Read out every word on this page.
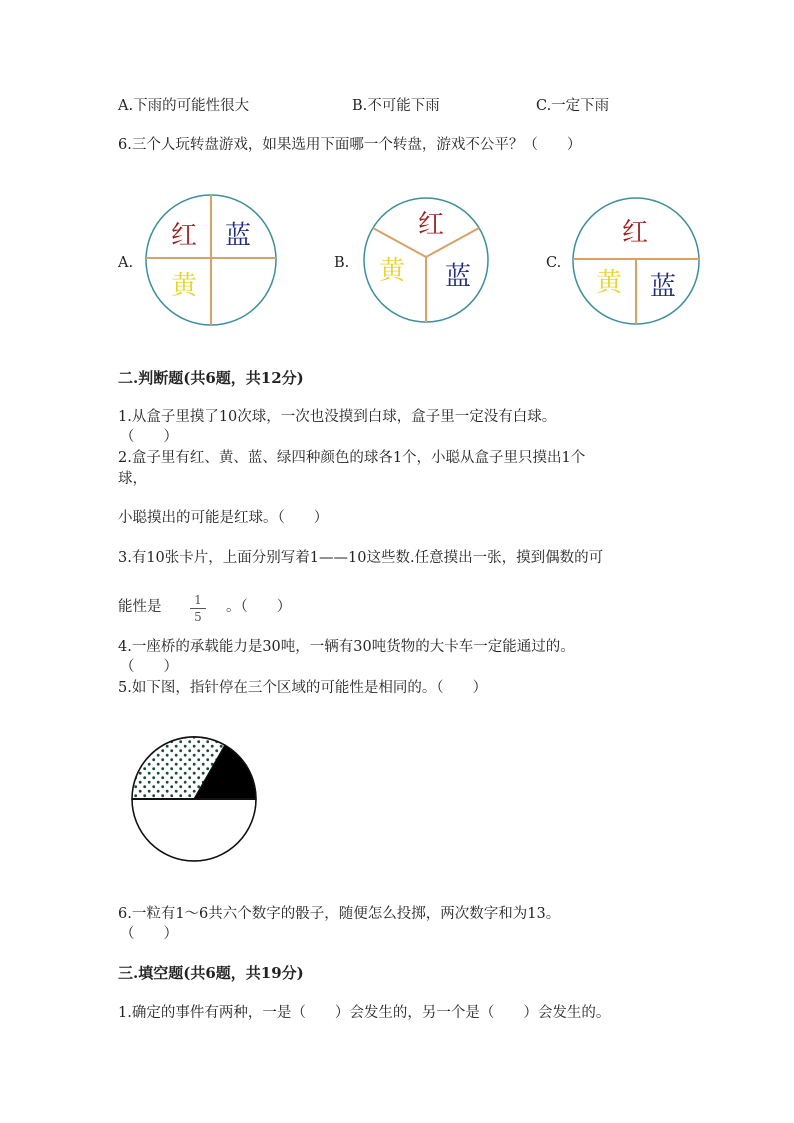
A.下雨的可能性很大	B.不可能下雨	C.一定下雨
6.三个人玩转盘游戏，如果选用下面哪一个转盘，游戏不公平？（　　）
A.	B.	C.
红 蓝
黄
红
黄 蓝
红
黄 蓝
二.判断题(共6题，共12分)
1.从盒子里摸了10次球，一次也没摸到白球，盒子里一定没有白球。
（　　）
2.盒子里有红、黄、蓝、绿四种颜色的球各1个，小聪从盒子里只摸出1个
球，
小聪摸出的可能是红球。（　　）
3.有10张卡片，上面分别写着1——10这些数.任意摸出一张，摸到偶数的可
能性是	1
5
。（　　）
4.一座桥的承载能力是30吨，一辆有30吨货物的大卡车一定能通过的。
（　　）
5.如下图，指针停在三个区域的可能性是相同的。（　　）
6.一粒有1～6共六个数字的骰子，随便怎么投掷，两次数字和为13。
（　　）
三.填空题(共6题，共19分)
1.确定的事件有两种，一是（　　）会发生的，另一个是（　　）会发生的。
